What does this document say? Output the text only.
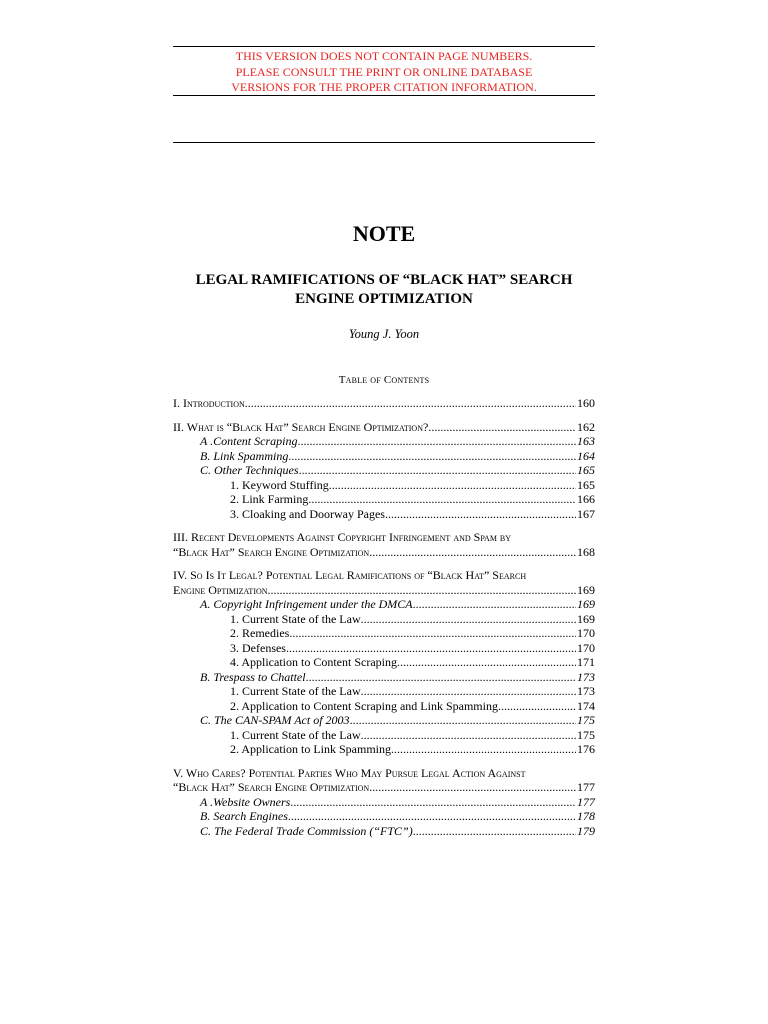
THIS VERSION DOES NOT CONTAIN PAGE NUMBERS.
PLEASE CONSULT THE PRINT OR ONLINE DATABASE
VERSIONS FOR THE PROPER CITATION INFORMATION.
NOTE
LEGAL RAMIFICATIONS OF “BLACK HAT” SEARCH
ENGINE OPTIMIZATION
Young J. Yoon
Table of Contents
I. Introduction .....	160
II. What is “Black Hat” Search Engine Optimization? .....	162
A .Content Scraping .....	163
B. Link Spamming .....	164
C. Other Techniques .....	165
1. Keyword Stuffing .....	165
2. Link Farming .....	166
3. Cloaking and Doorway Pages .....	167
III. Recent Developments Against Copyright Infringement and Spam by
“Black Hat” Search Engine Optimization .....	168
IV. So Is It Legal? Potential Legal Ramifications of “Black Hat” Search
Engine Optimization .....	169
A. Copyright Infringement under the DMCA .....	169
1. Current State of the Law .....	169
2. Remedies .....	170
3. Defenses .....	170
4. Application to Content Scraping .....	171
B. Trespass to Chattel .....	173
1. Current State of the Law .....	173
2. Application to Content Scraping and Link Spamming .....	174
C. The CAN-SPAM Act of 2003 .....	175
1. Current State of the Law .....	175
2. Application to Link Spamming .....	176
V. Who Cares? Potential Parties Who May Pursue Legal Action Against
“Black Hat” Search Engine Optimization .....	177
A .Website Owners .....	177
B. Search Engines .....	178
C. The Federal Trade Commission (“FTC”) .....	179
